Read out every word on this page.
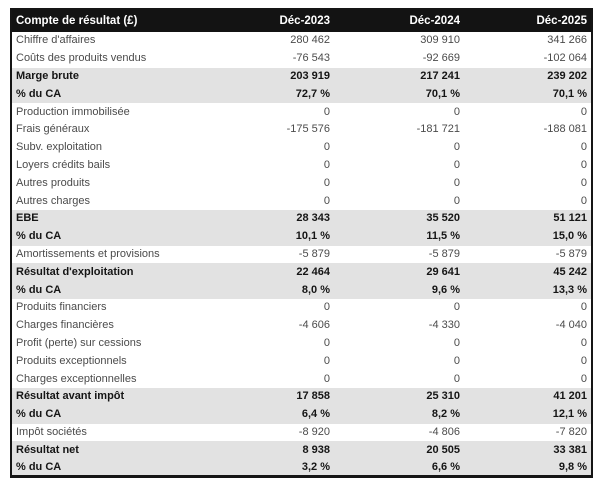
Compte de résultat (£)	Déc-2023	Déc-2024	Déc-2025
Chiffre d'affaires	280 462	309 910	341 266
Coûts des produits vendus	-76 543	-92 669	-102 064
Marge brute	203 919	217 241	239 202
% du CA	72,7 %	70,1 %	70,1 %
Production immobilisée	0	0	0
Frais généraux	-175 576	-181 721	-188 081
Subv. exploitation	0	0	0
Loyers crédits bails	0	0	0
Autres produits	0	0	0
Autres charges	0	0	0
EBE	28 343	35 520	51 121
% du CA	10,1 %	11,5 %	15,0 %
Amortissements et provisions	-5 879	-5 879	-5 879
Résultat d'exploitation	22 464	29 641	45 242
% du CA	8,0 %	9,6 %	13,3 %
Produits financiers	0	0	0
Charges financières	-4 606	-4 330	-4 040
Profit (perte) sur cessions	0	0	0
Produits exceptionnels	0	0	0
Charges exceptionnelles	0	0	0
Résultat avant impôt	17 858	25 310	41 201
% du CA	6,4 %	8,2 %	12,1 %
Impôt sociétés	-8 920	-4 806	-7 820
Résultat net	8 938	20 505	33 381
% du CA	3,2 %	6,6 %	9,8 %
